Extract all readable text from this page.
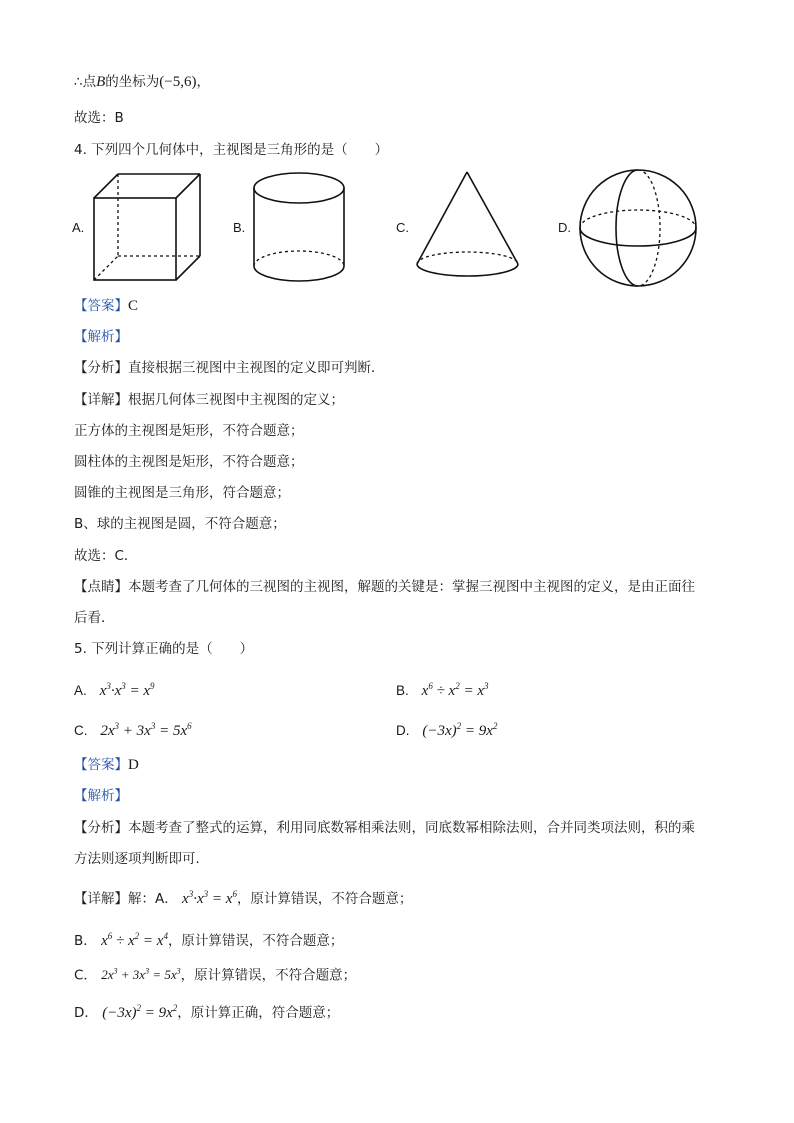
∴点B的坐标为(−5,6)，
故选：B
4. 下列四个几何体中，主视图是三角形的是（　　）
A.	B.	C.	D.
【答案】C
【解析】
【分析】直接根据三视图中主视图的定义即可判断．
【详解】根据几何体三视图中主视图的定义；
正方体的主视图是矩形，不符合题意；
圆柱体的主视图是矩形，不符合题意；
圆锥的主视图是三角形，符合题意；
B、球的主视图是圆，不符合题意；
故选：C．
【点睛】本题考查了几何体的三视图的主视图，解题的关键是：掌握三视图中主视图的定义，是由正面往
后看．
5. 下列计算正确的是（　　）
A. $x^3\cdot x^3 = x^9$	B. $x^6 \div x^2 = x^3$
C. $2x^3 + 3x^3 = 5x^6$	D. $(-3x)^2 = 9x^2$
【答案】D
【解析】
【分析】本题考查了整式的运算，利用同底数幂相乘法则，同底数幂相除法则，合并同类项法则，积的乘
方法则逐项判断即可．
【详解】解：A． $x^3\cdot x^3 = x^6$，原计算错误，不符合题意；
B． $x^6 \div x^2 = x^4$，原计算错误，不符合题意；
C． $2x^3 + 3x^3 = 5x^3$，原计算错误，不符合题意；
D． $(-3x)^2 = 9x^2$，原计算正确，符合题意；
